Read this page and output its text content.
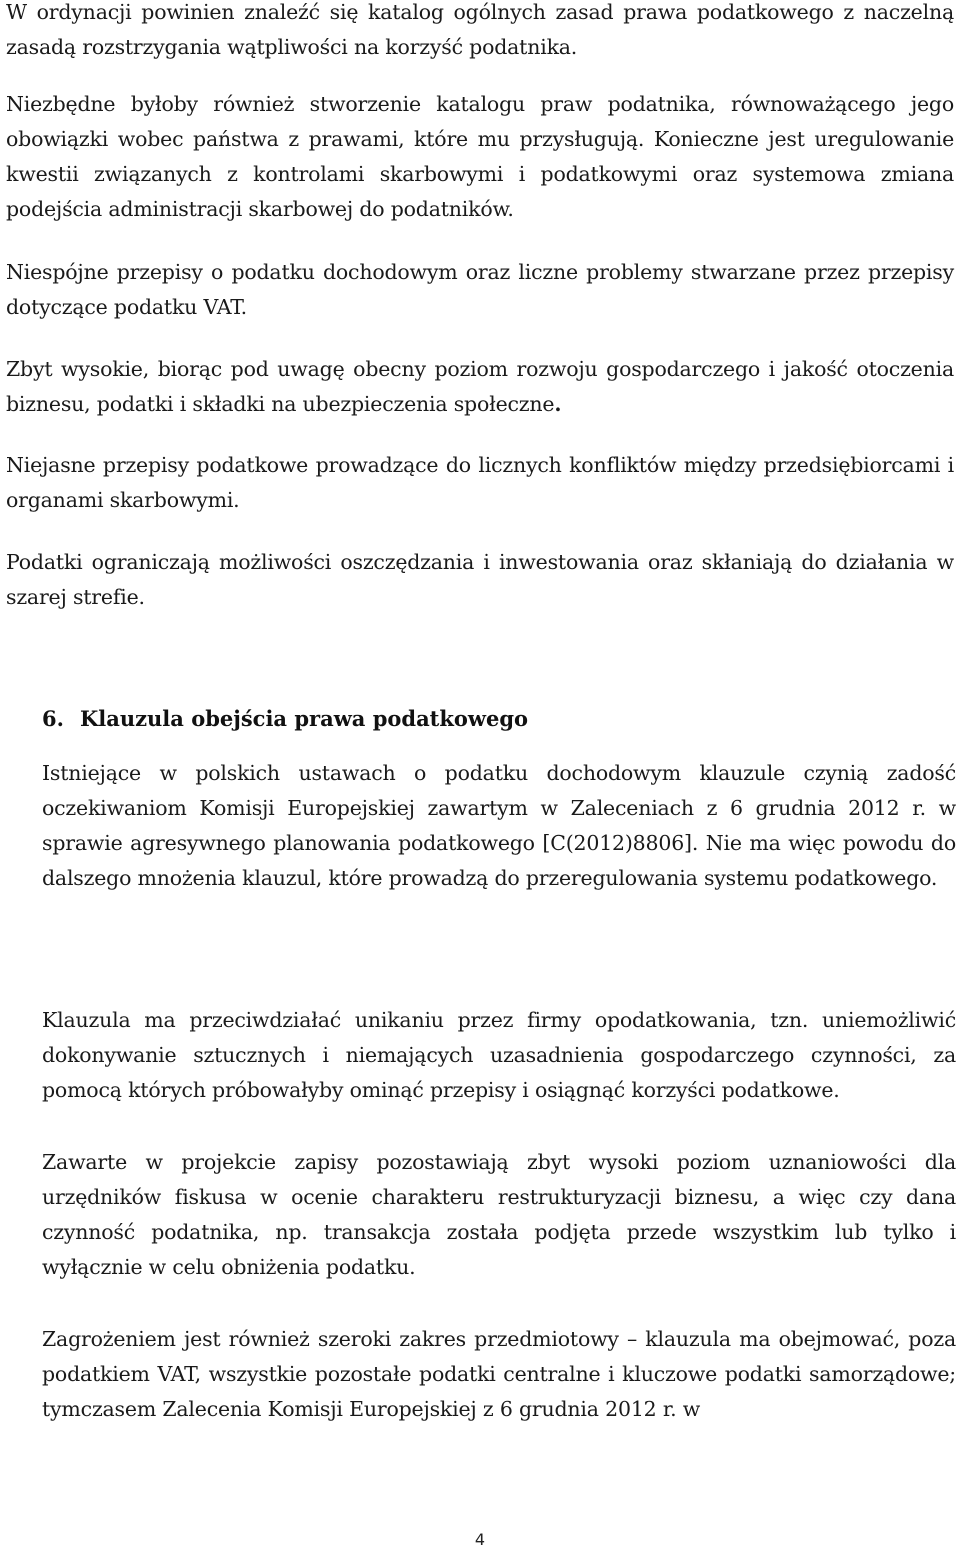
W ordynacji powinien znaleźć się katalog ogólnych zasad prawa podatkowego z naczelną zasadą rozstrzygania wątpliwości na korzyść podatnika.

Niezbędne byłoby również stworzenie katalogu praw podatnika, równoważącego jego obowiązki wobec państwa z prawami, które mu przysługują. Konieczne jest uregulowanie kwestii związanych z kontrolami skarbowymi i podatkowymi oraz systemowa zmiana podejścia administracji skarbowej do podatników.

Niespójne przepisy o podatku dochodowym oraz liczne problemy stwarzane przez przepisy dotyczące podatku VAT.

Zbyt wysokie, biorąc pod uwagę obecny poziom rozwoju gospodarczego i jakość otoczenia biznesu, podatki i składki na ubezpieczenia społeczne.

Niejasne przepisy podatkowe prowadzące do licznych konfliktów między przedsiębiorcami i organami skarbowymi.

Podatki ograniczają możliwości oszczędzania i inwestowania oraz skłaniają do działania w szarej strefie.

6. Klauzula obejścia prawa podatkowego

Istniejące w polskich ustawach o podatku dochodowym klauzule czynią zadość oczekiwaniom Komisji Europejskiej zawartym w Zaleceniach z 6 grudnia 2012 r. w sprawie agresywnego planowania podatkowego [C(2012)8806]. Nie ma więc powodu do dalszego mnożenia klauzul, które prowadzą do przeregulowania systemu podatkowego.

Klauzula ma przeciwdziałać unikaniu przez firmy opodatkowania, tzn. uniemożliwić dokonywanie sztucznych i niemających uzasadnienia gospodarczego czynności, za pomocą których próbowałyby ominąć przepisy i osiągnąć korzyści podatkowe.

Zawarte w projekcie zapisy pozostawiają zbyt wysoki poziom uznaniowości dla urzędników fiskusa w ocenie charakteru restrukturyzacji biznesu, a więc czy dana czynność podatnika, np. transakcja została podjęta przede wszystkim lub tylko i wyłącznie w celu obniżenia podatku.

Zagrożeniem jest również szeroki zakres przedmiotowy – klauzula ma obejmować, poza podatkiem VAT, wszystkie pozostałe podatki centralne i kluczowe podatki samorządowe; tymczasem Zalecenia Komisji Europejskiej z 6 grudnia 2012 r. w

4
